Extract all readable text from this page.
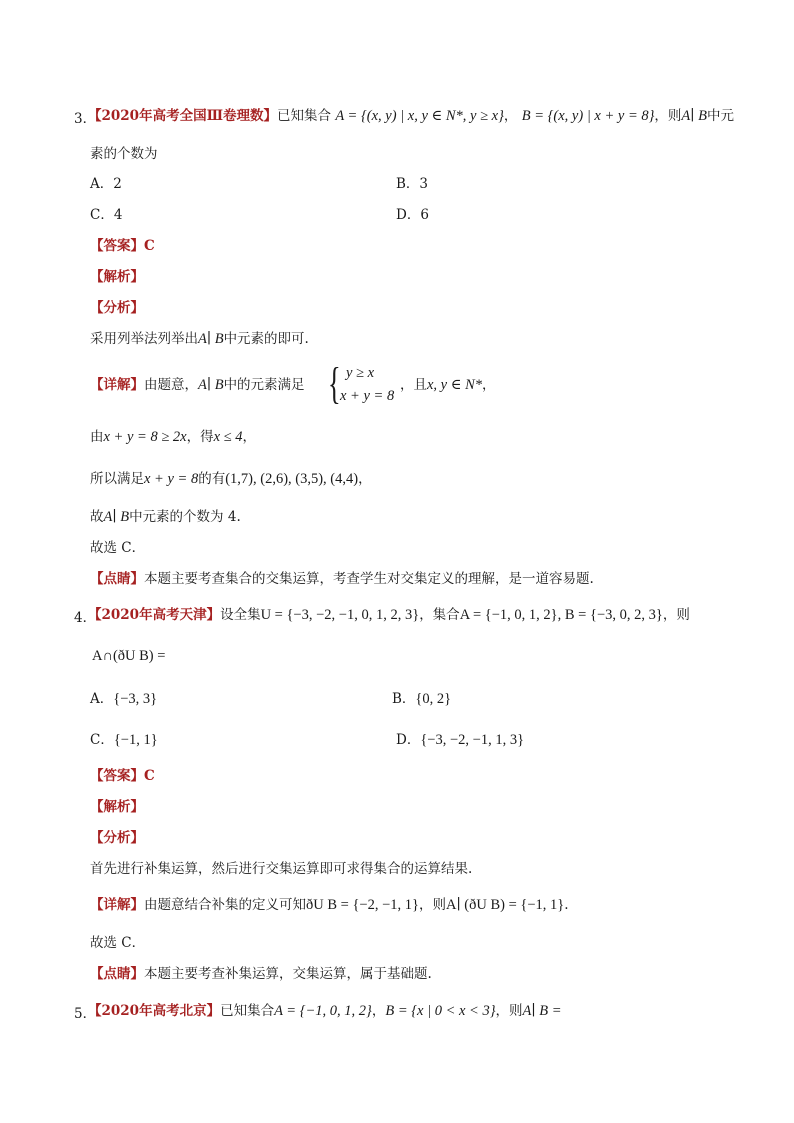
3．
【2020年高考全国Ⅲ卷理数】已知集合 A = {(x, y) | x, y ∈ N*, y ≥ x}， B = {(x, y) | x + y = 8}，则A∣ B中元
素的个数为
A．2	B．3
C．4	D．6
【答案】C
【解析】
【分析】
采用列举法列举出A∣ B中元素的即可.
【详解】由题意，A∣ B中的元素满足 { y ≥ x
x + y = 8
，且x, y ∈ N*，
由x + y = 8 ≥ 2x，得x ≤ 4，
所以满足x + y = 8的有(1,7), (2,6), (3,5), (4,4)，
故A∣ B中元素的个数为 4.
故选 C．
【点睛】本题主要考查集合的交集运算，考查学生对交集定义的理解，是一道容易题.
4．
【2020年高考天津】设全集U = {−3, −2, −1, 0, 1, 2, 3}，集合A = {−1, 0, 1, 2}, B = {−3, 0, 2, 3}，则
A∩(ðU B) =
A．{−3, 3}	B．{0, 2}
C．{−1, 1}	D．{−3, −2, −1, 1, 3}
【答案】C
【解析】
【分析】
首先进行补集运算，然后进行交集运算即可求得集合的运算结果.
【详解】由题意结合补集的定义可知ðU B = {−2, −1, 1}，则A∣ (ðU B) = {−1, 1}.
故选 C．
【点睛】本题主要考查补集运算，交集运算，属于基础题.
5．
【2020年高考北京】已知集合A = {−1, 0, 1, 2}，B = {x | 0 < x < 3}，则A∣ B =
